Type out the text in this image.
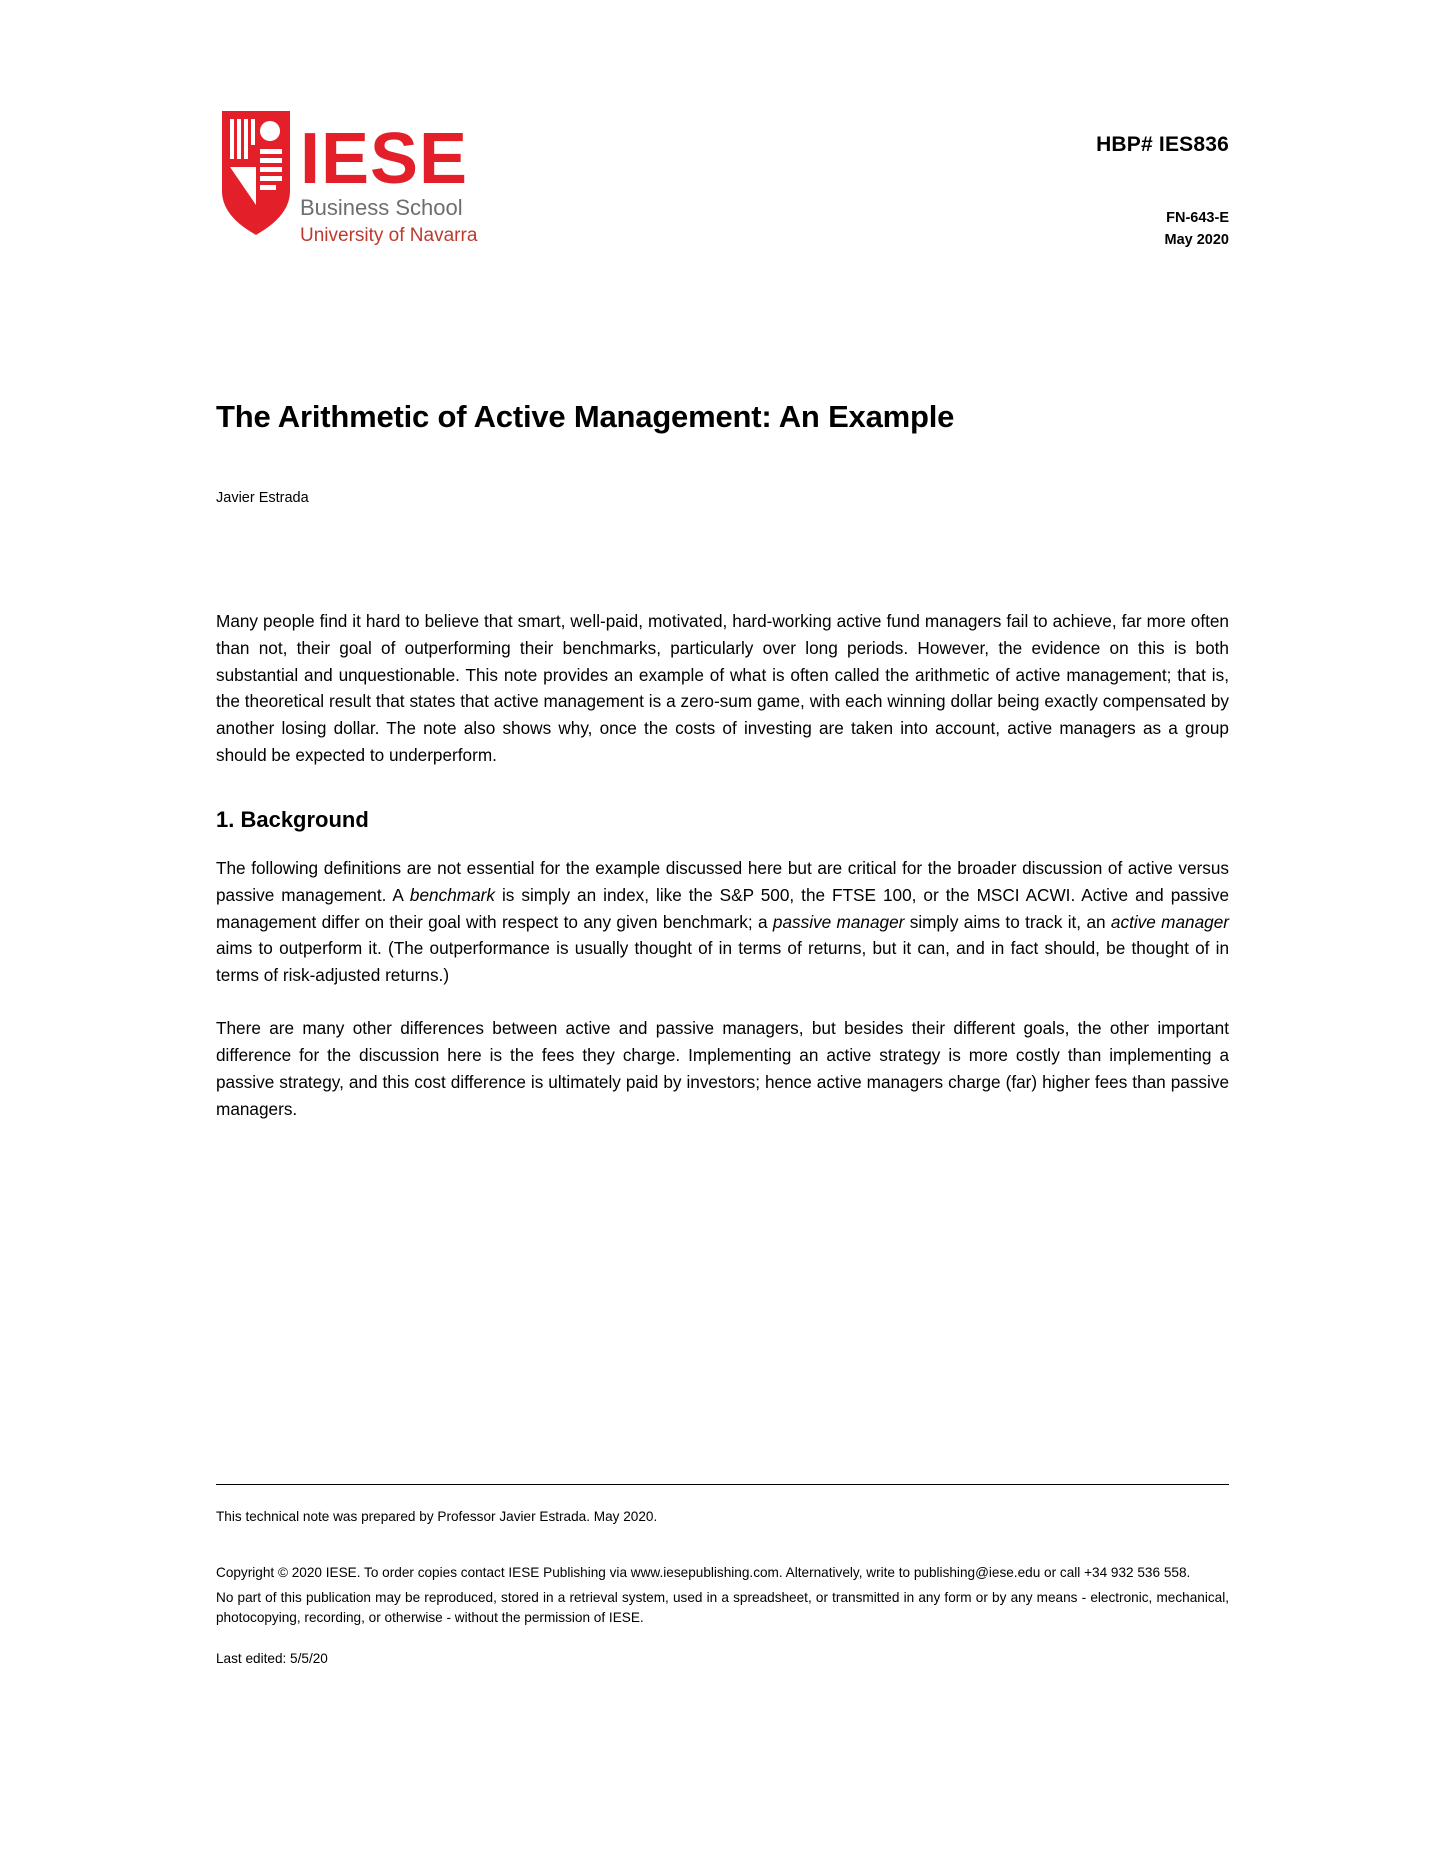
IESE
Business School
University of Navarra
HBP# IES836
FN-643-E
May 2020
The Arithmetic of Active Management: An Example
Javier Estrada

Many people find it hard to believe that smart, well-paid, motivated, hard-working active fund managers fail to achieve, far more often than not, their goal of outperforming their benchmarks, particularly over long periods. However, the evidence on this is both substantial and unquestionable. This note provides an example of what is often called the arithmetic of active management; that is, the theoretical result that states that active management is a zero-sum game, with each winning dollar being exactly compensated by another losing dollar. The note also shows why, once the costs of investing are taken into account, active managers as a group should be expected to underperform.

1. Background

The following definitions are not essential for the example discussed here but are critical for the broader discussion of active versus passive management. A benchmark is simply an index, like the S&P 500, the FTSE 100, or the MSCI ACWI. Active and passive management differ on their goal with respect to any given benchmark; a passive manager simply aims to track it, an active manager aims to outperform it. (The outperformance is usually thought of in terms of returns, but it can, and in fact should, be thought of in terms of risk-adjusted returns.)

There are many other differences between active and passive managers, but besides their different goals, the other important difference for the discussion here is the fees they charge. Implementing an active strategy is more costly than implementing a passive strategy, and this cost difference is ultimately paid by investors; hence active managers charge (far) higher fees than passive managers.

This technical note was prepared by Professor Javier Estrada. May 2020.

Copyright © 2020 IESE. To order copies contact IESE Publishing via www.iesepublishing.com. Alternatively, write to publishing@iese.edu or call +34 932 536 558.

No part of this publication may be reproduced, stored in a retrieval system, used in a spreadsheet, or transmitted in any form or by any means - electronic, mechanical, photocopying, recording, or otherwise - without the permission of IESE.

Last edited: 5/5/20
